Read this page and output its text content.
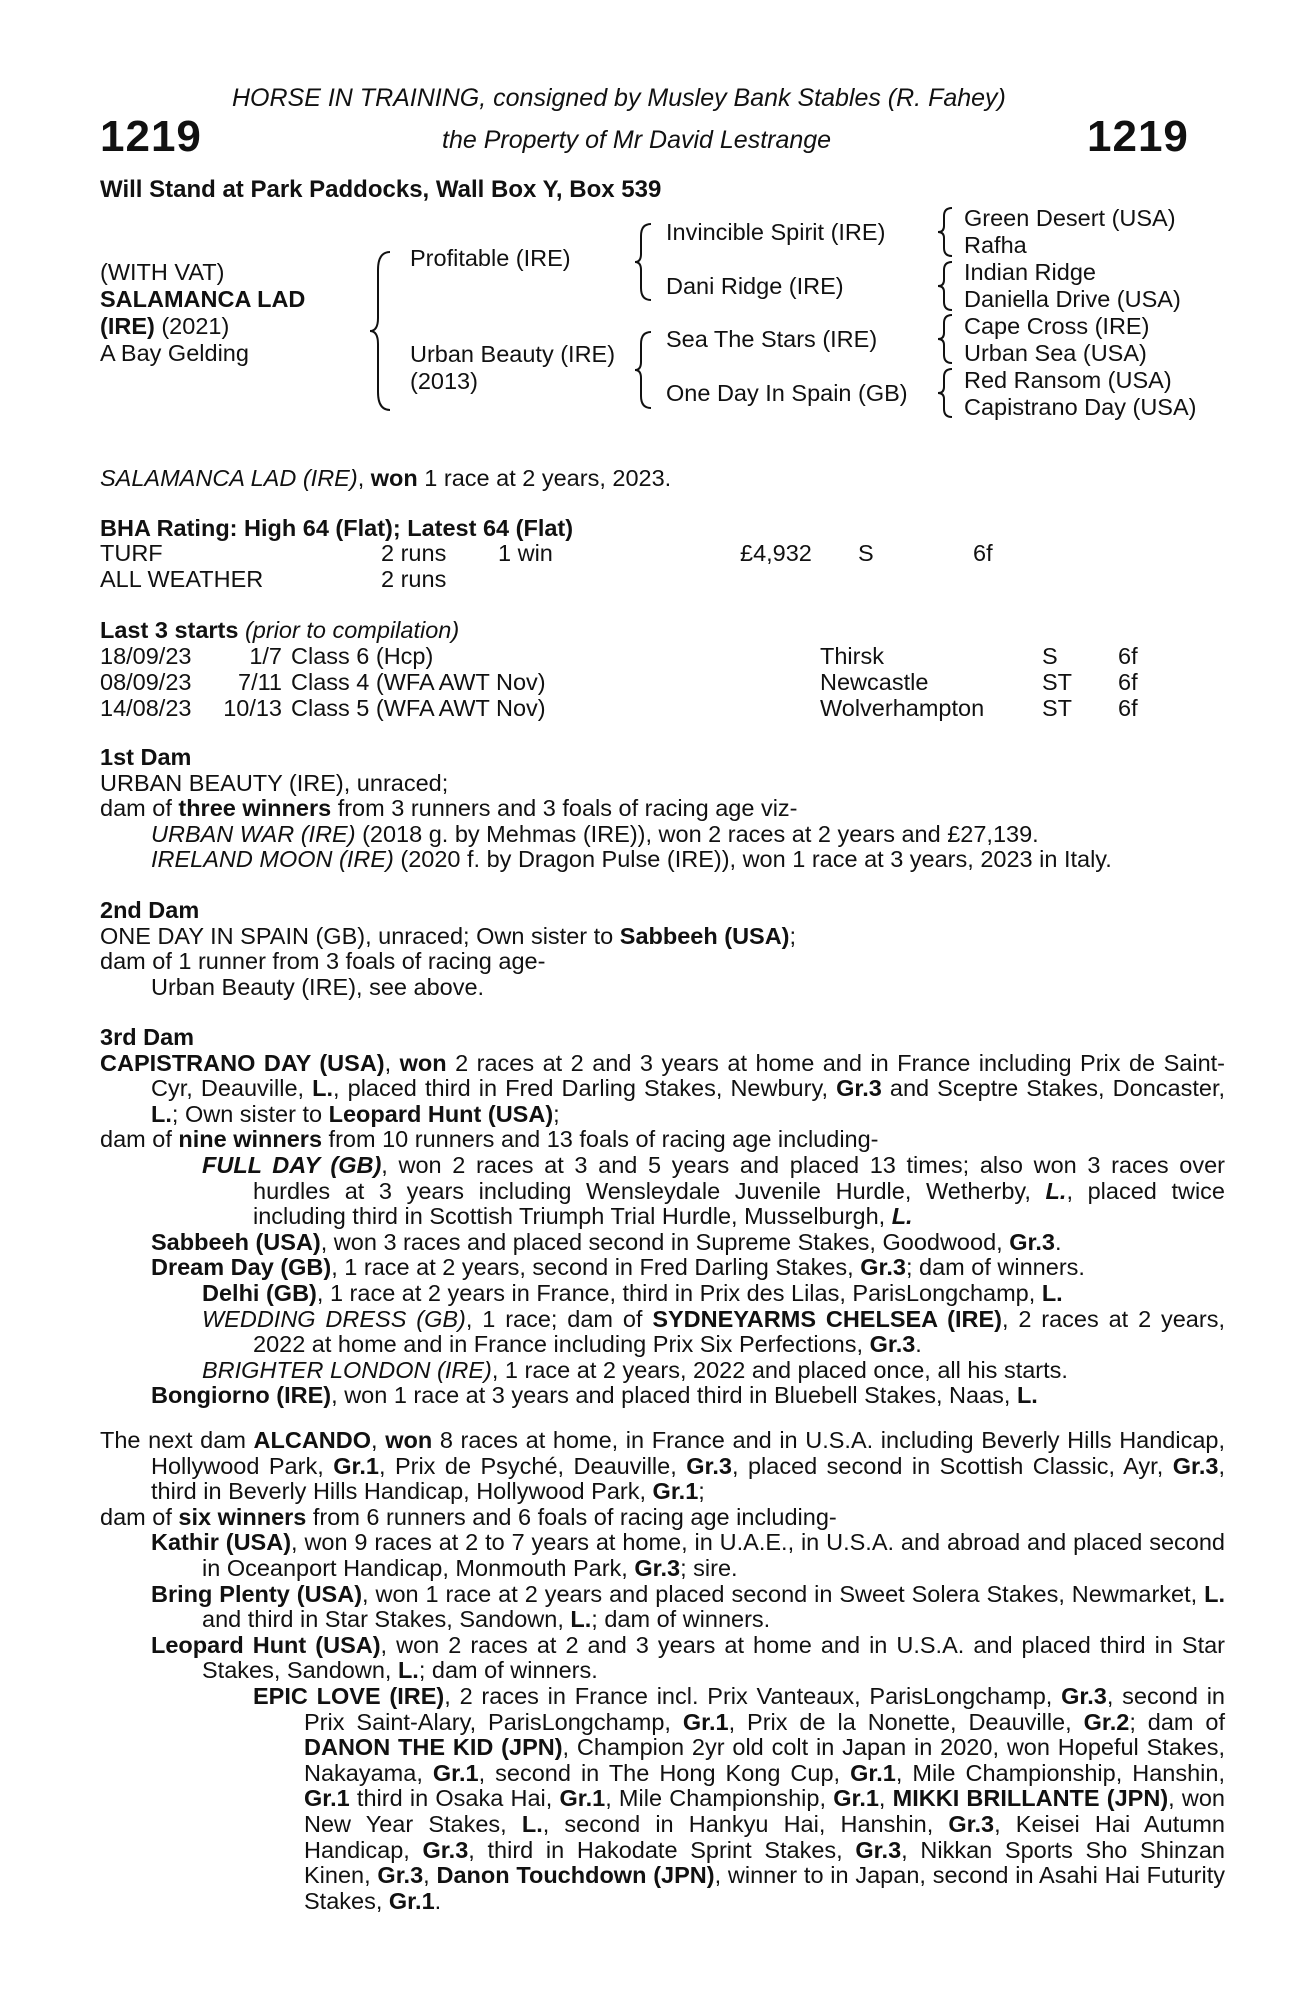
HORSE IN TRAINING, consigned by Musley Bank Stables (R. Fahey)
1219	1219
the Property of Mr David Lestrange
Will Stand at Park Paddocks, Wall Box Y, Box 539
(WITH VAT)
SALAMANCA LAD
(IRE) (2021)
A Bay Gelding
Profitable (IRE)
Urban Beauty (IRE)
(2013)
Invincible Spirit (IRE)
Dani Ridge (IRE)
Sea The Stars (IRE)
One Day In Spain (GB)
Green Desert (USA)
Rafha
Indian Ridge
Daniella Drive (USA)
Cape Cross (IRE)
Urban Sea (USA)
Red Ransom (USA)
Capistrano Day (USA)
SALAMANCA LAD (IRE), won 1 race at 2 years, 2023.
BHA Rating: High 64 (Flat); Latest 64 (Flat)
TURF	2 runs 1 win	£4,932 S	6f
ALL WEATHER	2 runs
Last 3 starts (prior to compilation)
18/09/23	1/7 Class 6 (Hcp)	Thirsk	S	6f
08/09/23	7/11 Class 4 (WFA AWT Nov)	Newcastle	ST 6f
14/08/23 10/13 Class 5 (WFA AWT Nov)	Wolverhampton ST 6f

1st Dam

URBAN BEAUTY (IRE), unraced;

dam of three winners from 3 runners and 3 foals of racing age viz-

URBAN WAR (IRE) (2018 g. by Mehmas (IRE)), won 2 races at 2 years and £27,139.

IRELAND MOON (IRE) (2020 f. by Dragon Pulse (IRE)), won 1 race at 3 years, 2023 in Italy.

2nd Dam

ONE DAY IN SPAIN (GB), unraced; Own sister to Sabbeeh (USA);

dam of 1 runner from 3 foals of racing age-

Urban Beauty (IRE), see above.

3rd Dam

CAPISTRANO DAY (USA), won 2 races at 2 and 3 years at home and in France including Prix de Saint-Cyr, Deauville, L., placed third in Fred Darling Stakes, Newbury, Gr.3 and Sceptre Stakes, Doncaster, L.; Own sister to Leopard Hunt (USA);

dam of nine winners from 10 runners and 13 foals of racing age including-

FULL DAY (GB), won 2 races at 3 and 5 years and placed 13 times; also won 3 races over hurdles at 3 years including Wensleydale Juvenile Hurdle, Wetherby, L., placed twice including third in Scottish Triumph Trial Hurdle, Musselburgh, L.

Sabbeeh (USA), won 3 races and placed second in Supreme Stakes, Goodwood, Gr.3.

Dream Day (GB), 1 race at 2 years, second in Fred Darling Stakes, Gr.3; dam of winners.

Delhi (GB), 1 race at 2 years in France, third in Prix des Lilas, ParisLongchamp, L.

WEDDING DRESS (GB), 1 race; dam of SYDNEYARMS CHELSEA (IRE), 2 races at 2 years, 2022 at home and in France including Prix Six Perfections, Gr.3.

BRIGHTER LONDON (IRE), 1 race at 2 years, 2022 and placed once, all his starts.

Bongiorno (IRE), won 1 race at 3 years and placed third in Bluebell Stakes, Naas, L.

The next dam ALCANDO, won 8 races at home, in France and in U.S.A. including Beverly Hills Handicap, Hollywood Park, Gr.1, Prix de Psyché, Deauville, Gr.3, placed second in Scottish Classic, Ayr, Gr.3, third in Beverly Hills Handicap, Hollywood Park, Gr.1;

dam of six winners from 6 runners and 6 foals of racing age including-

Kathir (USA), won 9 races at 2 to 7 years at home, in U.A.E., in U.S.A. and abroad and placed second in Oceanport Handicap, Monmouth Park, Gr.3; sire.

Bring Plenty (USA), won 1 race at 2 years and placed second in Sweet Solera Stakes, Newmarket, L. and third in Star Stakes, Sandown, L.; dam of winners.

Leopard Hunt (USA), won 2 races at 2 and 3 years at home and in U.S.A. and placed third in Star Stakes, Sandown, L.; dam of winners.

EPIC LOVE (IRE), 2 races in France incl. Prix Vanteaux, ParisLongchamp, Gr.3, second in Prix Saint-Alary, ParisLongchamp, Gr.1, Prix de la Nonette, Deauville, Gr.2; dam of DANON THE KID (JPN), Champion 2yr old colt in Japan in 2020, won Hopeful Stakes, Nakayama, Gr.1, second in The Hong Kong Cup, Gr.1, Mile Championship, Hanshin, Gr.1 third in Osaka Hai, Gr.1, Mile Championship, Gr.1, MIKKI BRILLANTE (JPN), won New Year Stakes, L., second in Hankyu Hai, Hanshin, Gr.3, Keisei Hai Autumn Handicap, Gr.3, third in Hakodate Sprint Stakes, Gr.3, Nikkan Sports Sho Shinzan Kinen, Gr.3, Danon Touchdown (JPN), winner to in Japan, second in Asahi Hai Futurity Stakes, Gr.1.
